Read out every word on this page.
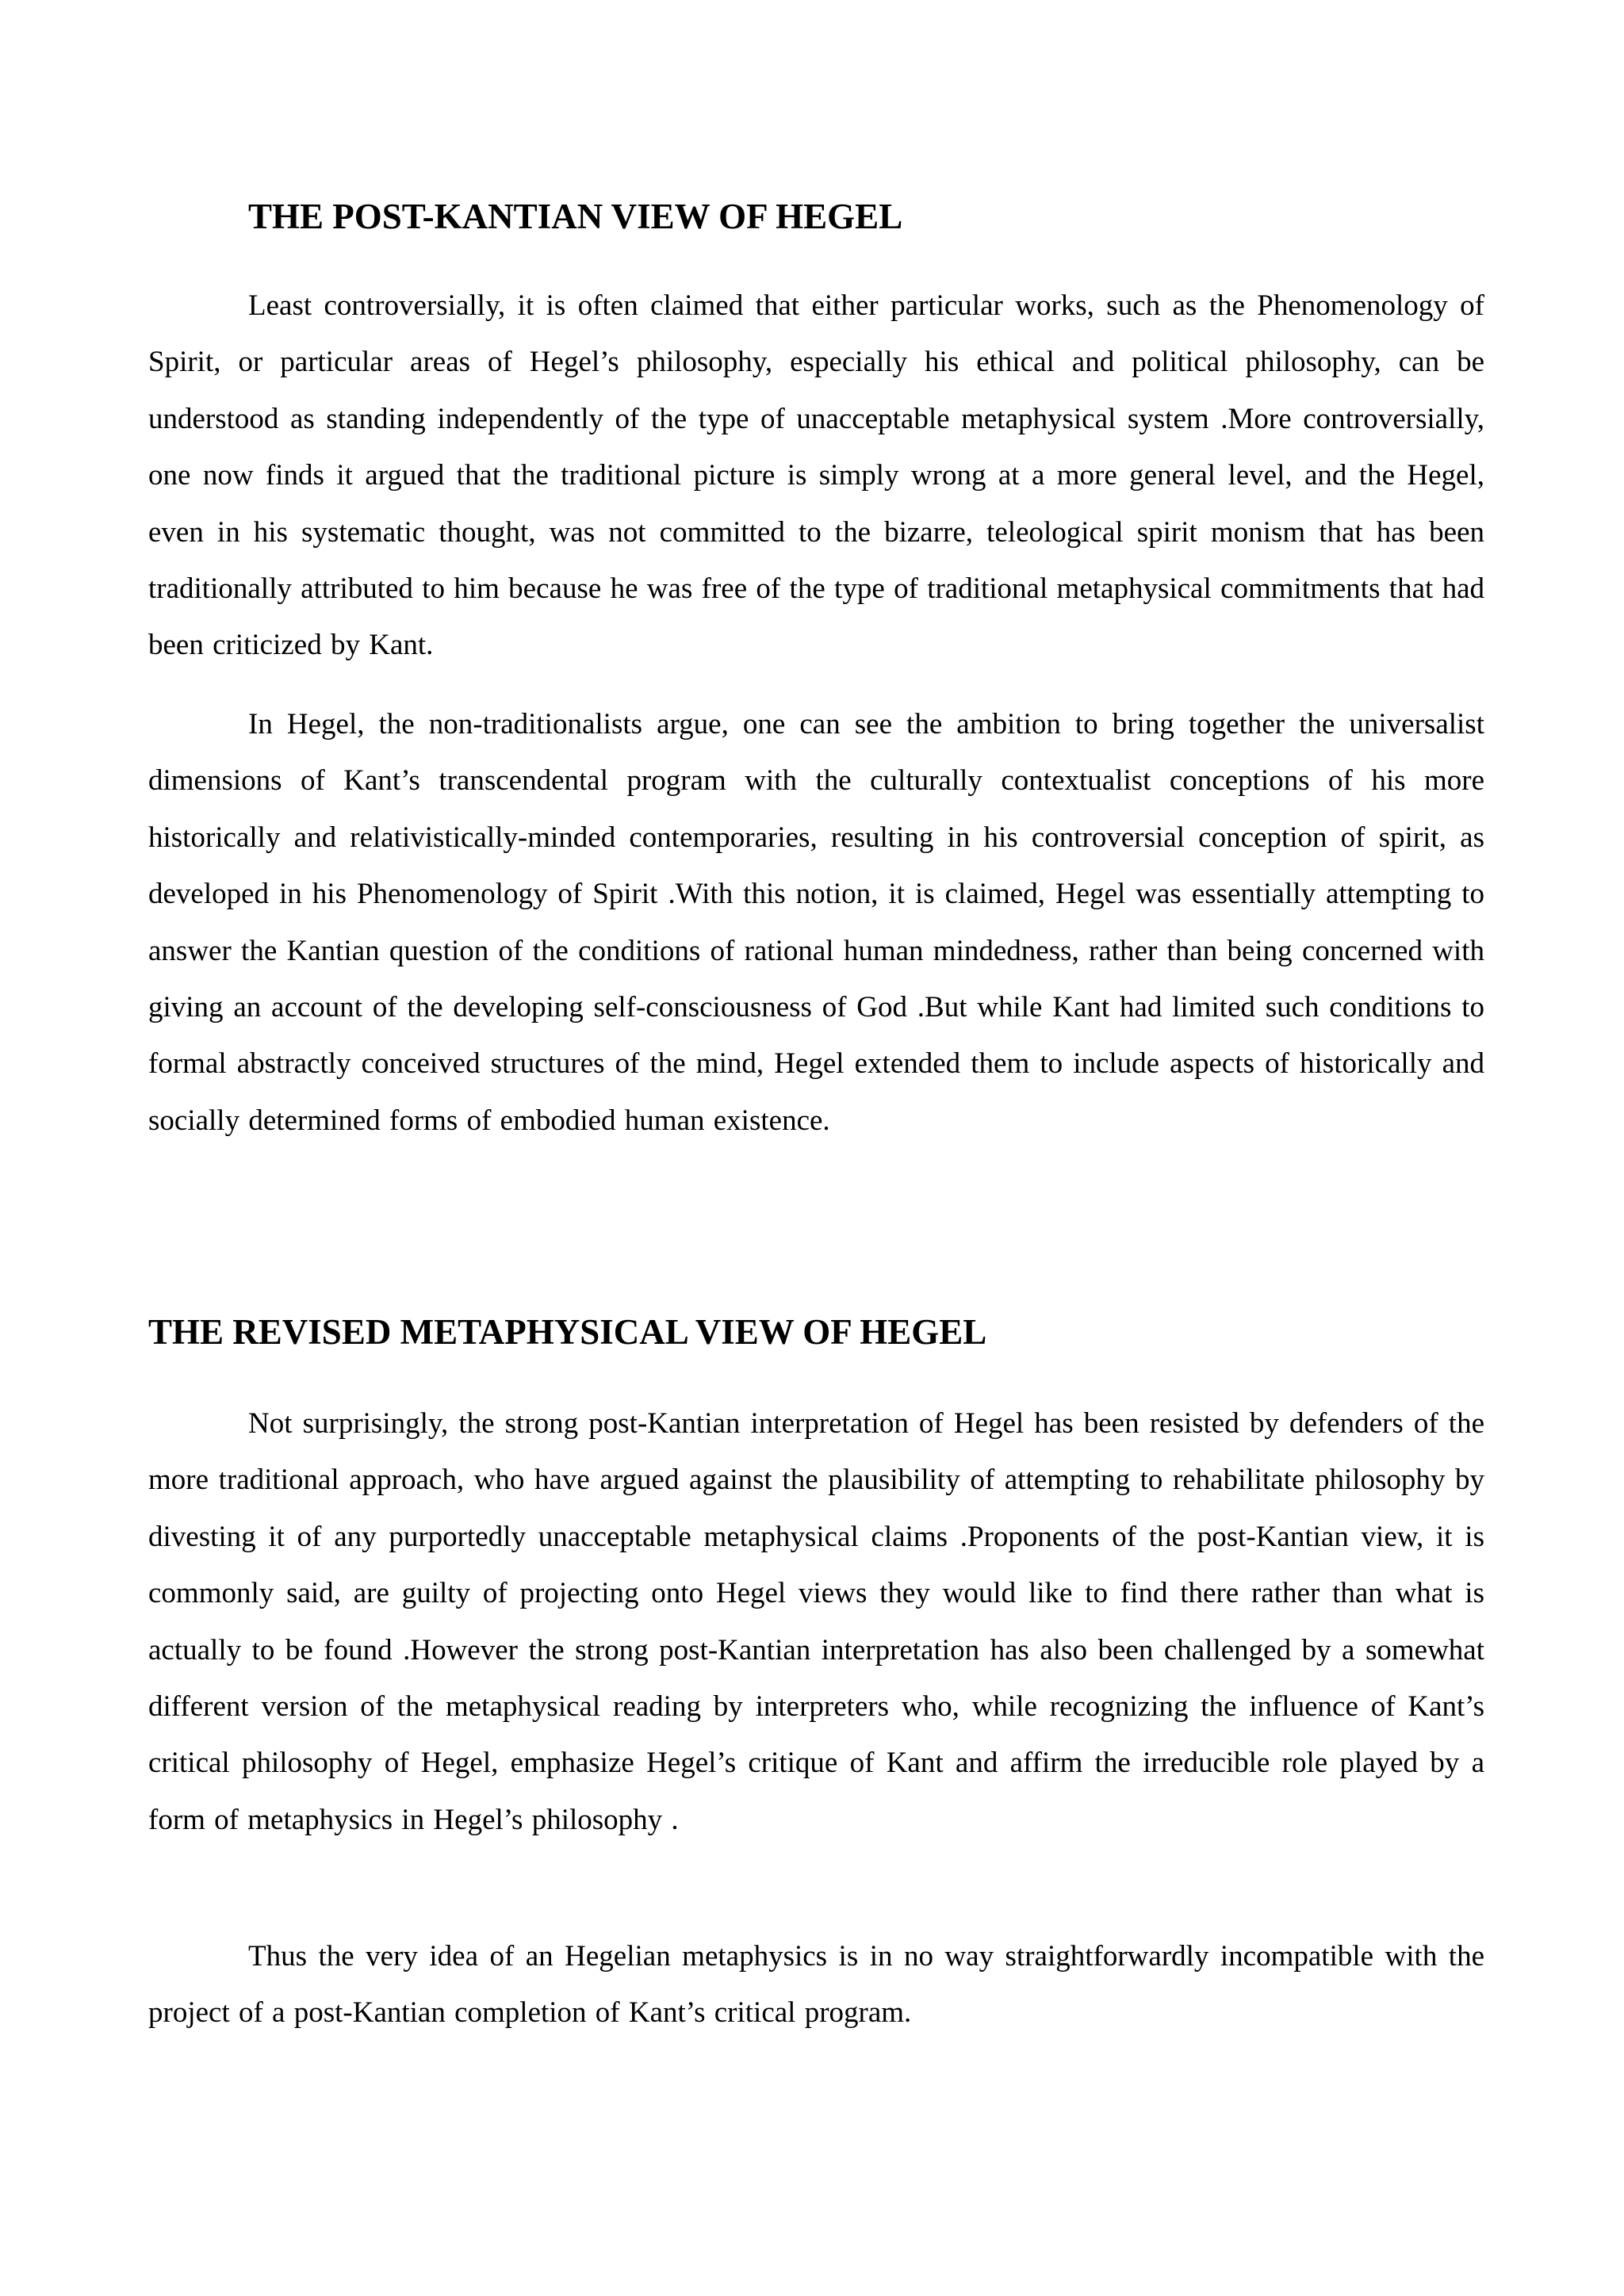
THE POST-KANTIAN VIEW OF HEGEL

Least controversially, it is often claimed that either particular works, such as the Phenomenology of Spirit, or particular areas of Hegel’s philosophy, especially his ethical and political philosophy, can be understood as standing independently of the type of unacceptable metaphysical system .More controversially, one now finds it argued that the traditional picture is simply wrong at a more general level, and the Hegel, even in his systematic thought, was not committed to the bizarre, teleological spirit monism that has been traditionally attributed to him because he was free of the type of traditional metaphysical commitments that had been criticized by Kant.

In Hegel, the non-traditionalists argue, one can see the ambition to bring together the universalist dimensions of Kant’s transcendental program with the culturally contextualist conceptions of his more historically and relativistically-minded contemporaries, resulting in his controversial conception of spirit, as developed in his Phenomenology of Spirit .With this notion, it is claimed, Hegel was essentially attempting to answer the Kantian question of the conditions of rational human mindedness, rather than being concerned with giving an account of the developing self-consciousness of God .But while Kant had limited such conditions to formal abstractly conceived structures of the mind, Hegel extended them to include aspects of historically and socially determined forms of embodied human existence.

THE REVISED METAPHYSICAL VIEW OF HEGEL

Not surprisingly, the strong post-Kantian interpretation of Hegel has been resisted by defenders of the more traditional approach, who have argued against the plausibility of attempting to rehabilitate philosophy by divesting it of any purportedly unacceptable metaphysical claims .Proponents of the post-Kantian view, it is commonly said, are guilty of projecting onto Hegel views they would like to find there rather than what is actually to be found .However the strong post-Kantian interpretation has also been challenged by a somewhat different version of the metaphysical reading by interpreters who, while recognizing the influence of Kant’s critical philosophy of Hegel, emphasize Hegel’s critique of Kant and affirm the irreducible role played by a form of metaphysics in Hegel’s philosophy .

Thus the very idea of an Hegelian metaphysics is in no way straightforwardly incompatible with the project of a post-Kantian completion of Kant’s critical program.
